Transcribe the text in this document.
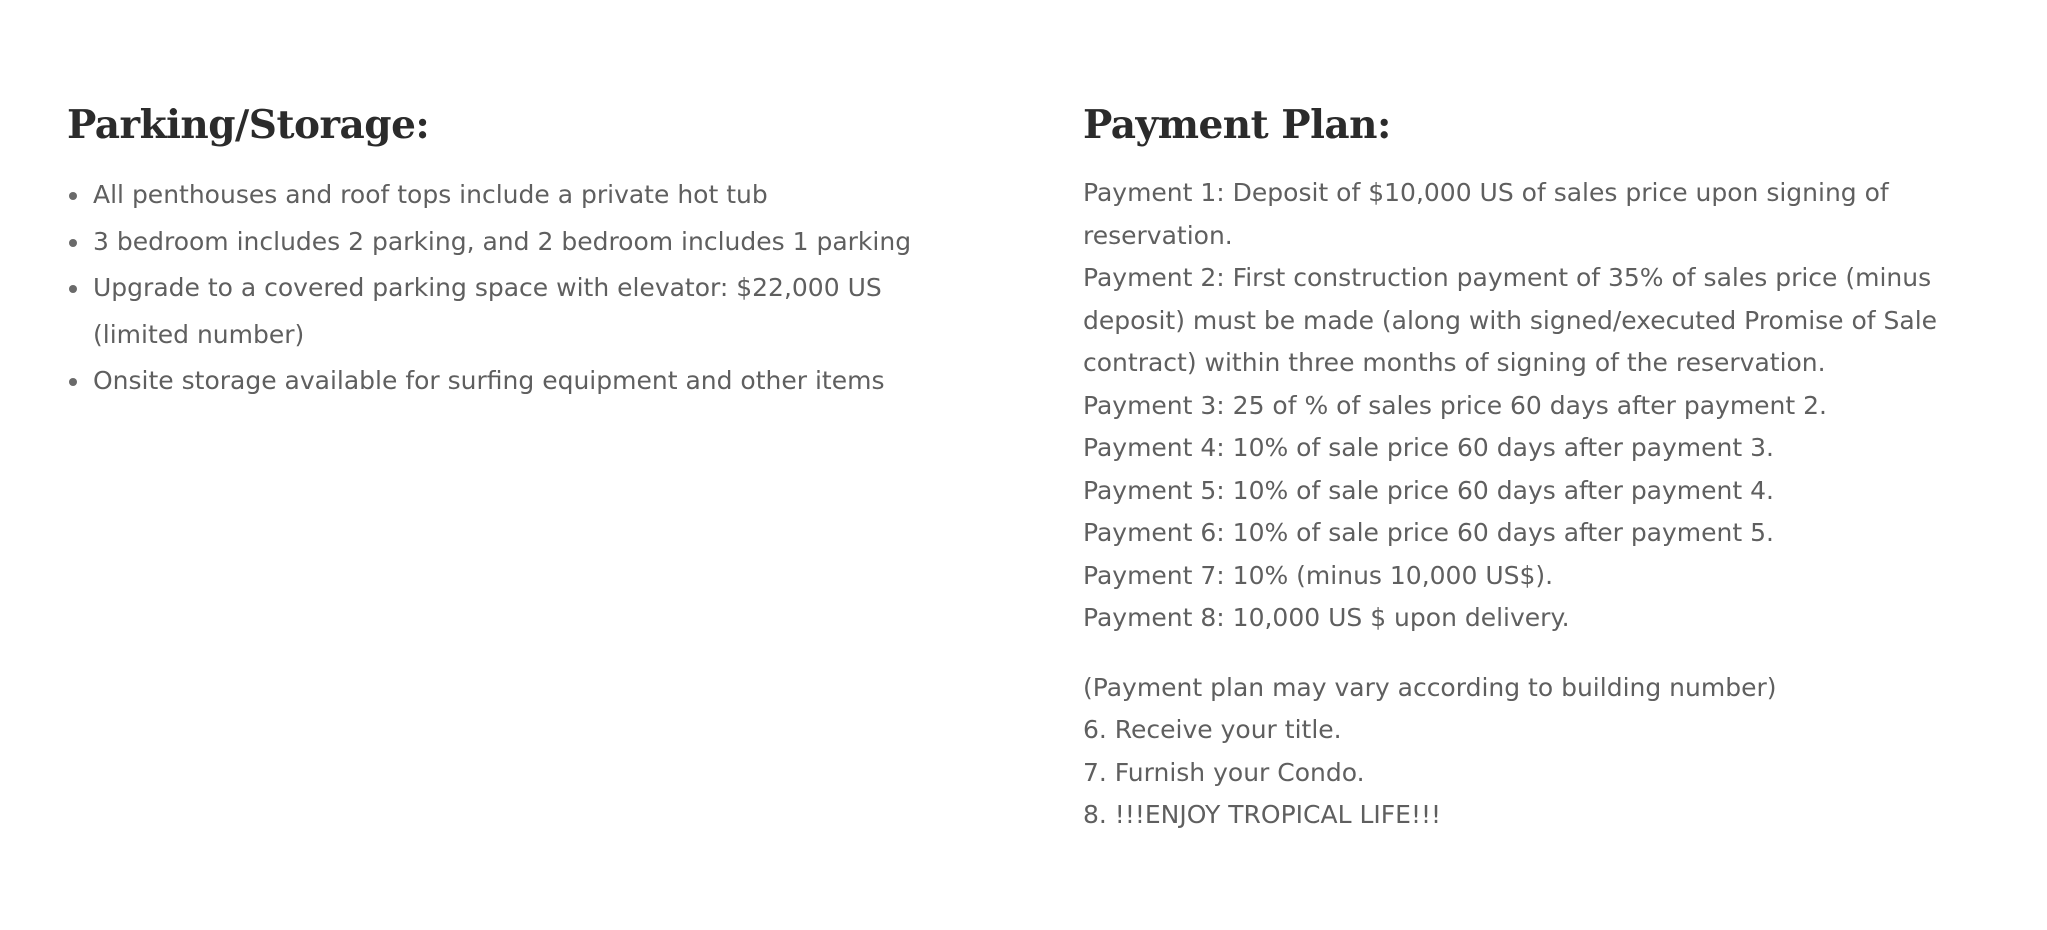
Parking/Storage:
All penthouses and roof tops include a private hot tub
3 bedroom includes 2 parking, and 2 bedroom includes 1 parking
Upgrade to a covered parking space with elevator: $22,000 US (limited number)
Onsite storage available for surfing equipment and other items
Payment Plan:

Payment 1: Deposit of $10,000 US of sales price upon signing of reservation.

Payment 2: First construction payment of 35% of sales price (minus deposit) must be made (along with signed/executed Promise of Sale contract) within three months of signing of the reservation.

Payment 3: 25 of % of sales price 60 days after payment 2.

Payment 4: 10% of sale price 60 days after payment 3.

Payment 5: 10% of sale price 60 days after payment 4.

Payment 6: 10% of sale price 60 days after payment 5.

Payment 7: 10% (minus 10,000 US$).

Payment 8: 10,000 US $ upon delivery.

(Payment plan may vary according to building number)

6. Receive your title.

7. Furnish your Condo.

8. !!!ENJOY TROPICAL LIFE!!!
